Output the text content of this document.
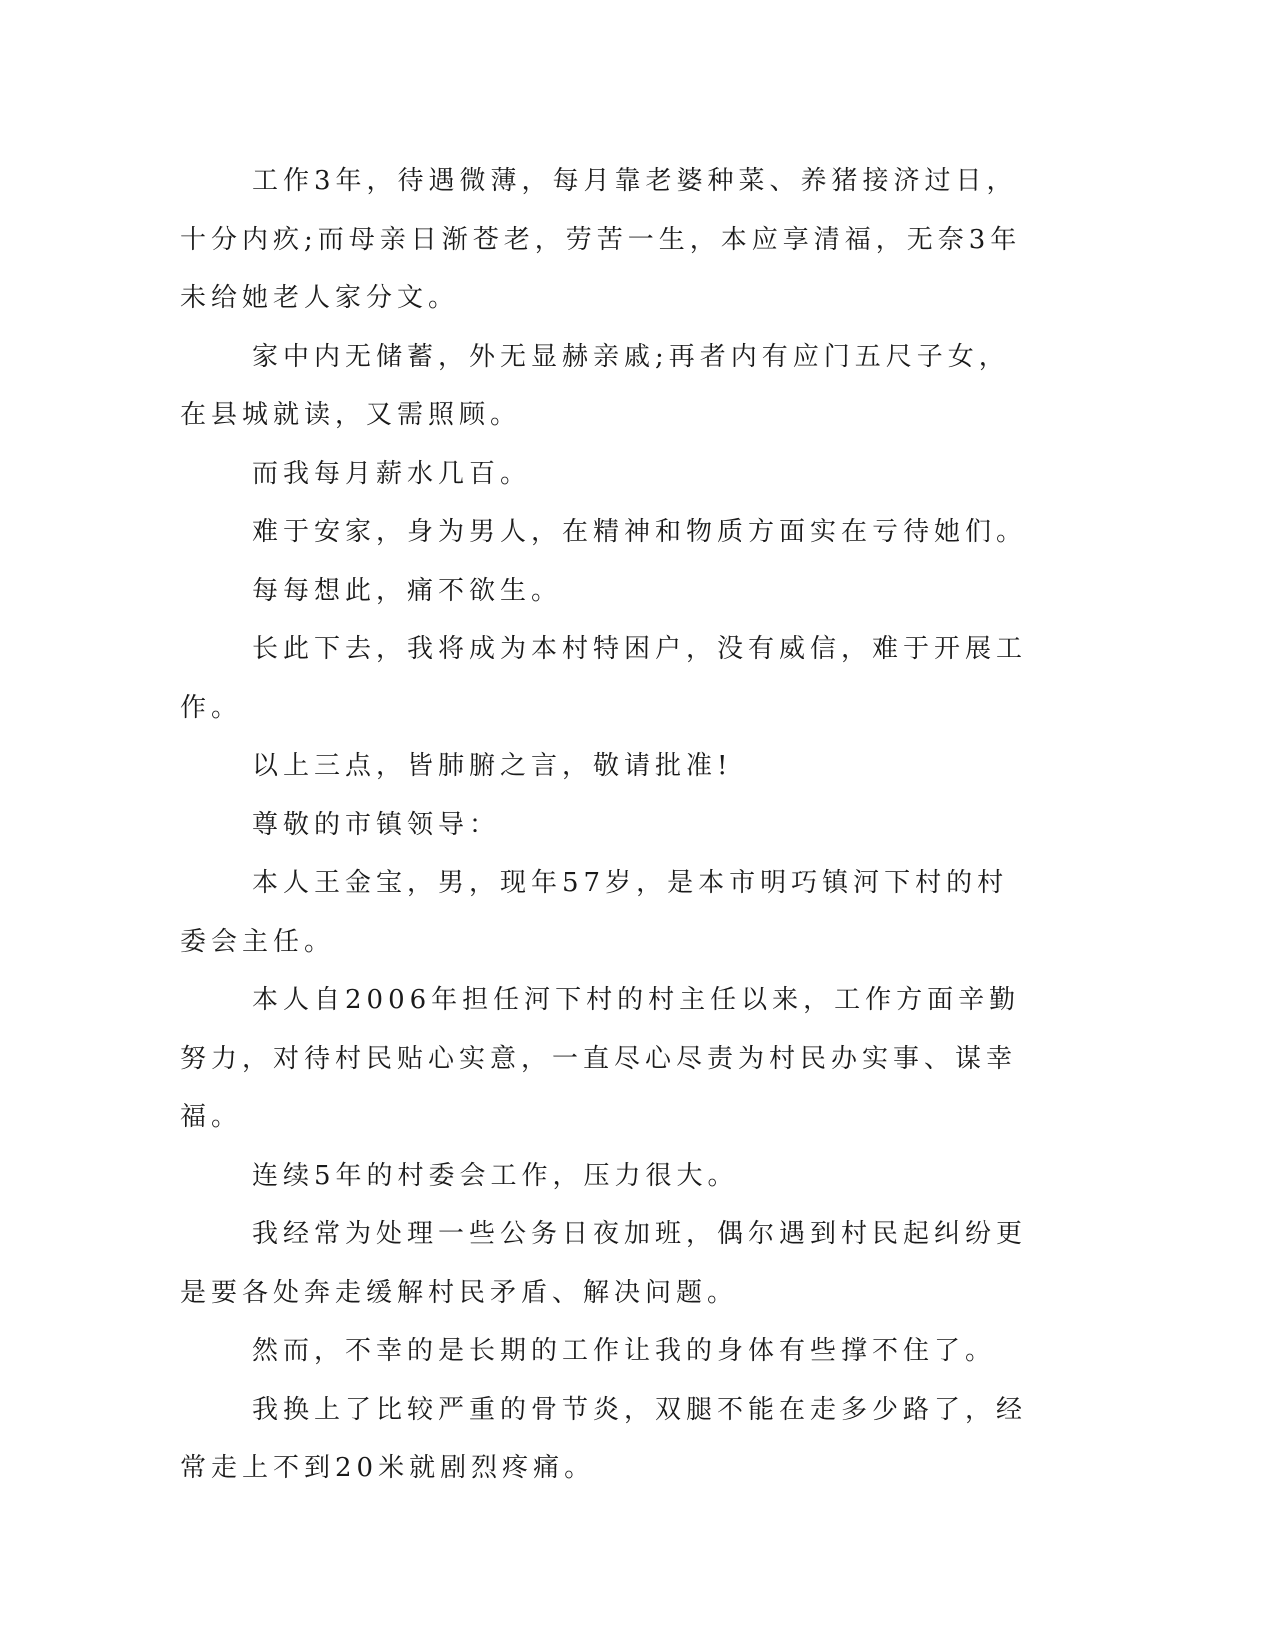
工作3年，待遇微薄，每月靠老婆种菜、养猪接济过日，十分内疚;而母亲日渐苍老，劳苦一生，本应享清福，无奈3年未给她老人家分文。

家中内无储蓄，外无显赫亲戚;再者内有应门五尺子女，在县城就读，又需照顾。

而我每月薪水几百。

难于安家，身为男人，在精神和物质方面实在亏待她们。

每每想此，痛不欲生。

长此下去，我将成为本村特困户，没有威信，难于开展工作。

以上三点，皆肺腑之言，敬请批准!

尊敬的市镇领导：

本人王金宝，男，现年57岁，是本市明巧镇河下村的村委会主任。

本人自2006年担任河下村的村主任以来，工作方面辛勤努力，对待村民贴心实意，一直尽心尽责为村民办实事、谋幸福。

连续5年的村委会工作，压力很大。

我经常为处理一些公务日夜加班，偶尔遇到村民起纠纷更是要各处奔走缓解村民矛盾、解决问题。

然而，不幸的是长期的工作让我的身体有些撑不住了。

我换上了比较严重的骨节炎，双腿不能在走多少路了，经常走上不到20米就剧烈疼痛。
